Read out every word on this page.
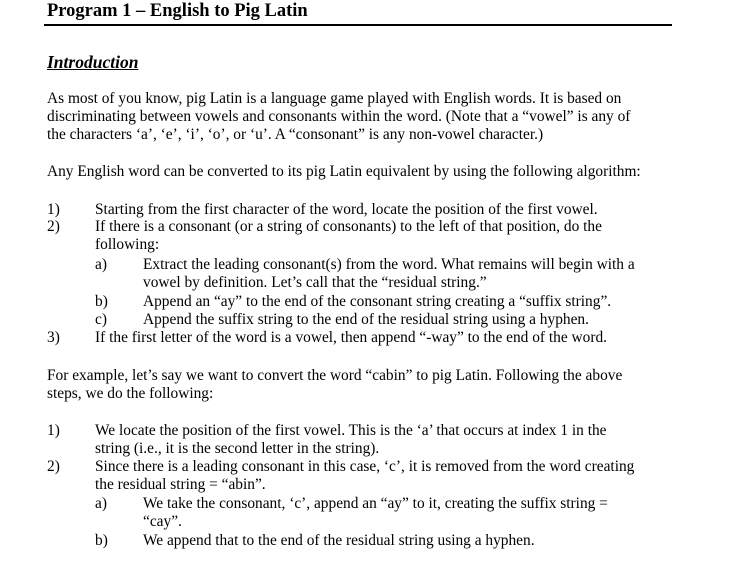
Program 1 – English to Pig Latin
Introduction
As most of you know, pig Latin is a language game played with English words. It is based on
discriminating between vowels and consonants within the word. (Note that a “vowel” is any of
the characters ‘a’, ‘e’, ‘i’, ‘o’, or ‘u’. A “consonant” is any non-vowel character.)
Any English word can be converted to its pig Latin equivalent by using the following algorithm:
1) Starting from the first character of the word, locate the position of the first vowel.
2) If there is a consonant (or a string of consonants) to the left of that position, do the
following:
a) Extract the leading consonant(s) from the word. What remains will begin with a
vowel by definition. Let’s call that the “residual string.”
b) Append an “ay” to the end of the consonant string creating a “suffix string”.
c) Append the suffix string to the end of the residual string using a hyphen.
3) If the first letter of the word is a vowel, then append “-way” to the end of the word.
For example, let’s say we want to convert the word “cabin” to pig Latin. Following the above
steps, we do the following:
1) We locate the position of the first vowel. This is the ‘a’ that occurs at index 1 in the
string (i.e., it is the second letter in the string).
2) Since there is a leading consonant in this case, ‘c’, it is removed from the word creating
the residual string = “abin”.
a) We take the consonant, ‘c’, append an “ay” to it, creating the suffix string =
“cay”.
b) We append that to the end of the residual string using a hyphen.
